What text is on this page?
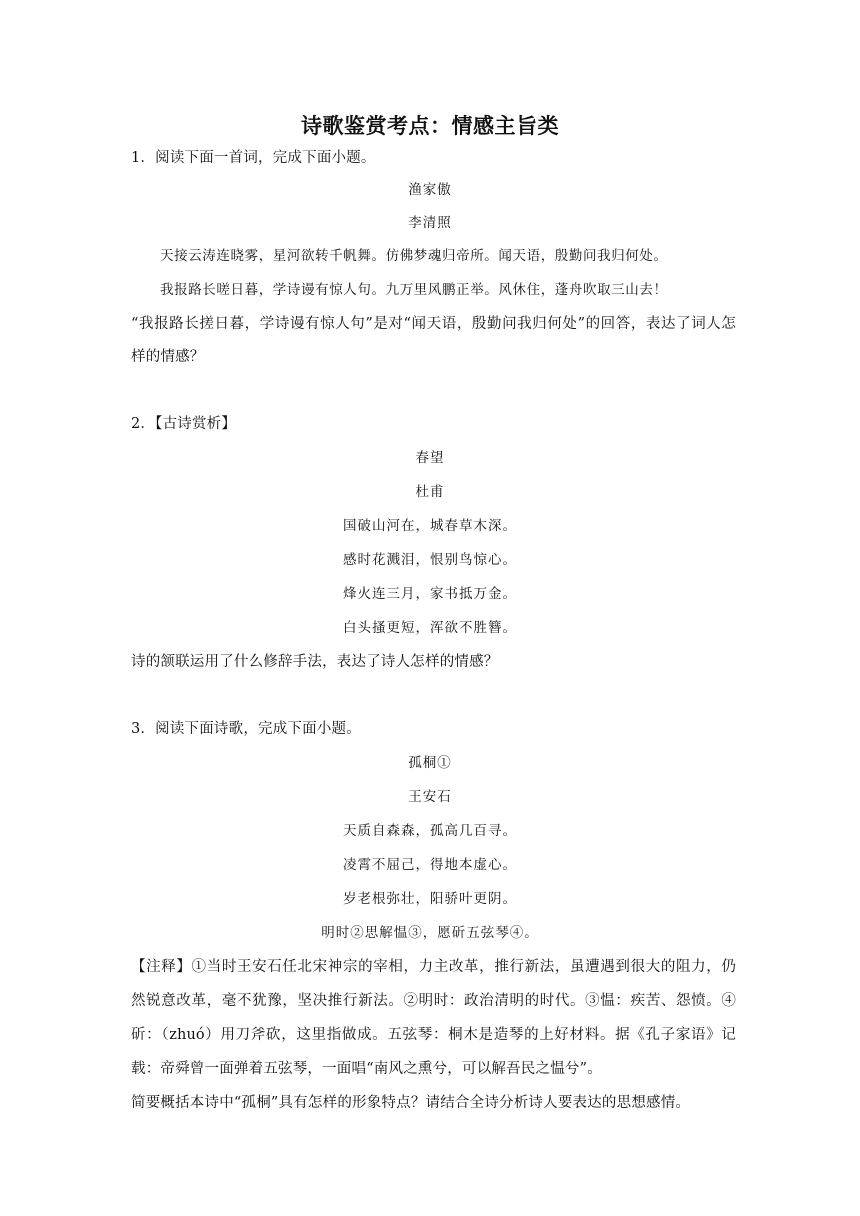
诗歌鉴赏考点：情感主旨类
1．阅读下面一首词，完成下面小题。
渔家傲
李清照
天接云涛连晓雾，星河欲转千帆舞。仿佛梦魂归帝所。闻天语，殷勤问我归何处。
我报路长嗟日暮，学诗谩有惊人句。九万里风鹏正举。风休住，蓬舟吹取三山去！
“我报路长搓日暮，学诗谩有惊人句”是对“闻天语，殷勤问我归何处”的回答，表达了词人怎
样的情感？
2．【古诗赏析】
春望
杜甫
国破山河在，城春草木深。
感时花溅泪，恨别鸟惊心。
烽火连三月，家书抵万金。
白头搔更短，浑欲不胜簪。
诗的颔联运用了什么修辞手法，表达了诗人怎样的情感？
3．阅读下面诗歌，完成下面小题。
孤桐①
王安石
天质自森森，孤高几百寻。
凌霄不屈己，得地本虚心。
岁老根弥壮，阳骄叶更阴。
明时②思解愠③，愿斫五弦琴④。
【注释】①当时王安石任北宋神宗的宰相，力主改革，推行新法，虽遭遇到很大的阻力，仍
然锐意改革，毫不犹豫，坚决推行新法。②明时：政治清明的时代。③愠：疾苦、怨愤。④
斫：（zhuó）用刀斧砍，这里指做成。五弦琴：桐木是造琴的上好材料。据《孔子家语》记
载：帝舜曾一面弹着五弦琴，一面唱“南风之熏兮，可以解吾民之愠兮”。
简要概括本诗中“孤桐”具有怎样的形象特点？请结合全诗分析诗人要表达的思想感情。
